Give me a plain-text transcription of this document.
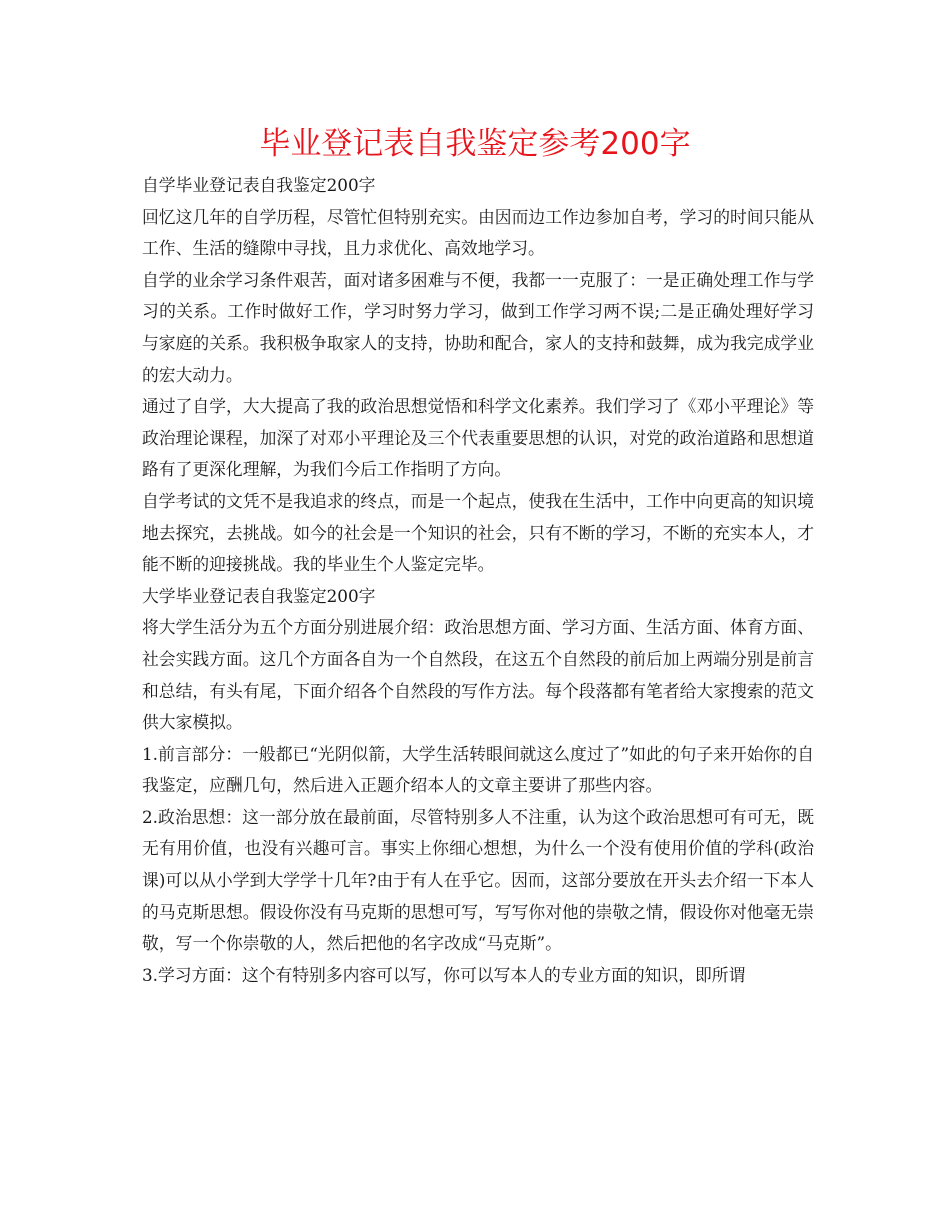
毕业登记表自我鉴定参考200字

自学毕业登记表自我鉴定200字

回忆这几年的自学历程，尽管忙但特别充实。由因而边工作边参加自考，学习的时间只能从工作、生活的缝隙中寻找，且力求优化、高效地学习。

自学的业余学习条件艰苦，面对诸多困难与不便，我都一一克服了：一是正确处理工作与学习的关系。工作时做好工作，学习时努力学习，做到工作学习两不误;二是正确处理好学习与家庭的关系。我积极争取家人的支持，协助和配合，家人的支持和鼓舞，成为我完成学业的宏大动力。

通过了自学，大大提高了我的政治思想觉悟和科学文化素养。我们学习了《邓小平理论》等政治理论课程，加深了对邓小平理论及三个代表重要思想的认识，对党的政治道路和思想道路有了更深化理解，为我们今后工作指明了方向。

自学考试的文凭不是我追求的终点，而是一个起点，使我在生活中，工作中向更高的知识境地去探究，去挑战。如今的社会是一个知识的社会，只有不断的学习，不断的充实本人，才能不断的迎接挑战。我的毕业生个人鉴定完毕。

大学毕业登记表自我鉴定200字

将大学生活分为五个方面分别进展介绍：政治思想方面、学习方面、生活方面、体育方面、社会实践方面。这几个方面各自为一个自然段，在这五个自然段的前后加上两端分别是前言和总结，有头有尾，下面介绍各个自然段的写作方法。每个段落都有笔者给大家搜索的范文供大家模拟。

1.前言部分：一般都已“光阴似箭，大学生活转眼间就这么度过了”如此的句子来开始你的自我鉴定，应酬几句，然后进入正题介绍本人的文章主要讲了那些内容。

2.政治思想：这一部分放在最前面，尽管特别多人不注重，认为这个政治思想可有可无，既无有用价值，也没有兴趣可言。事实上你细心想想，为什么一个没有使用价值的学科(政治课)可以从小学到大学学十几年?由于有人在乎它。因而，这部分要放在开头去介绍一下本人的马克斯思想。假设你没有马克斯的思想可写，写写你对他的崇敬之情，假设你对他毫无崇敬，写一个你崇敬的人，然后把他的名字改成“马克斯”。

3.学习方面：这个有特别多内容可以写，你可以写本人的专业方面的知识，即所谓
